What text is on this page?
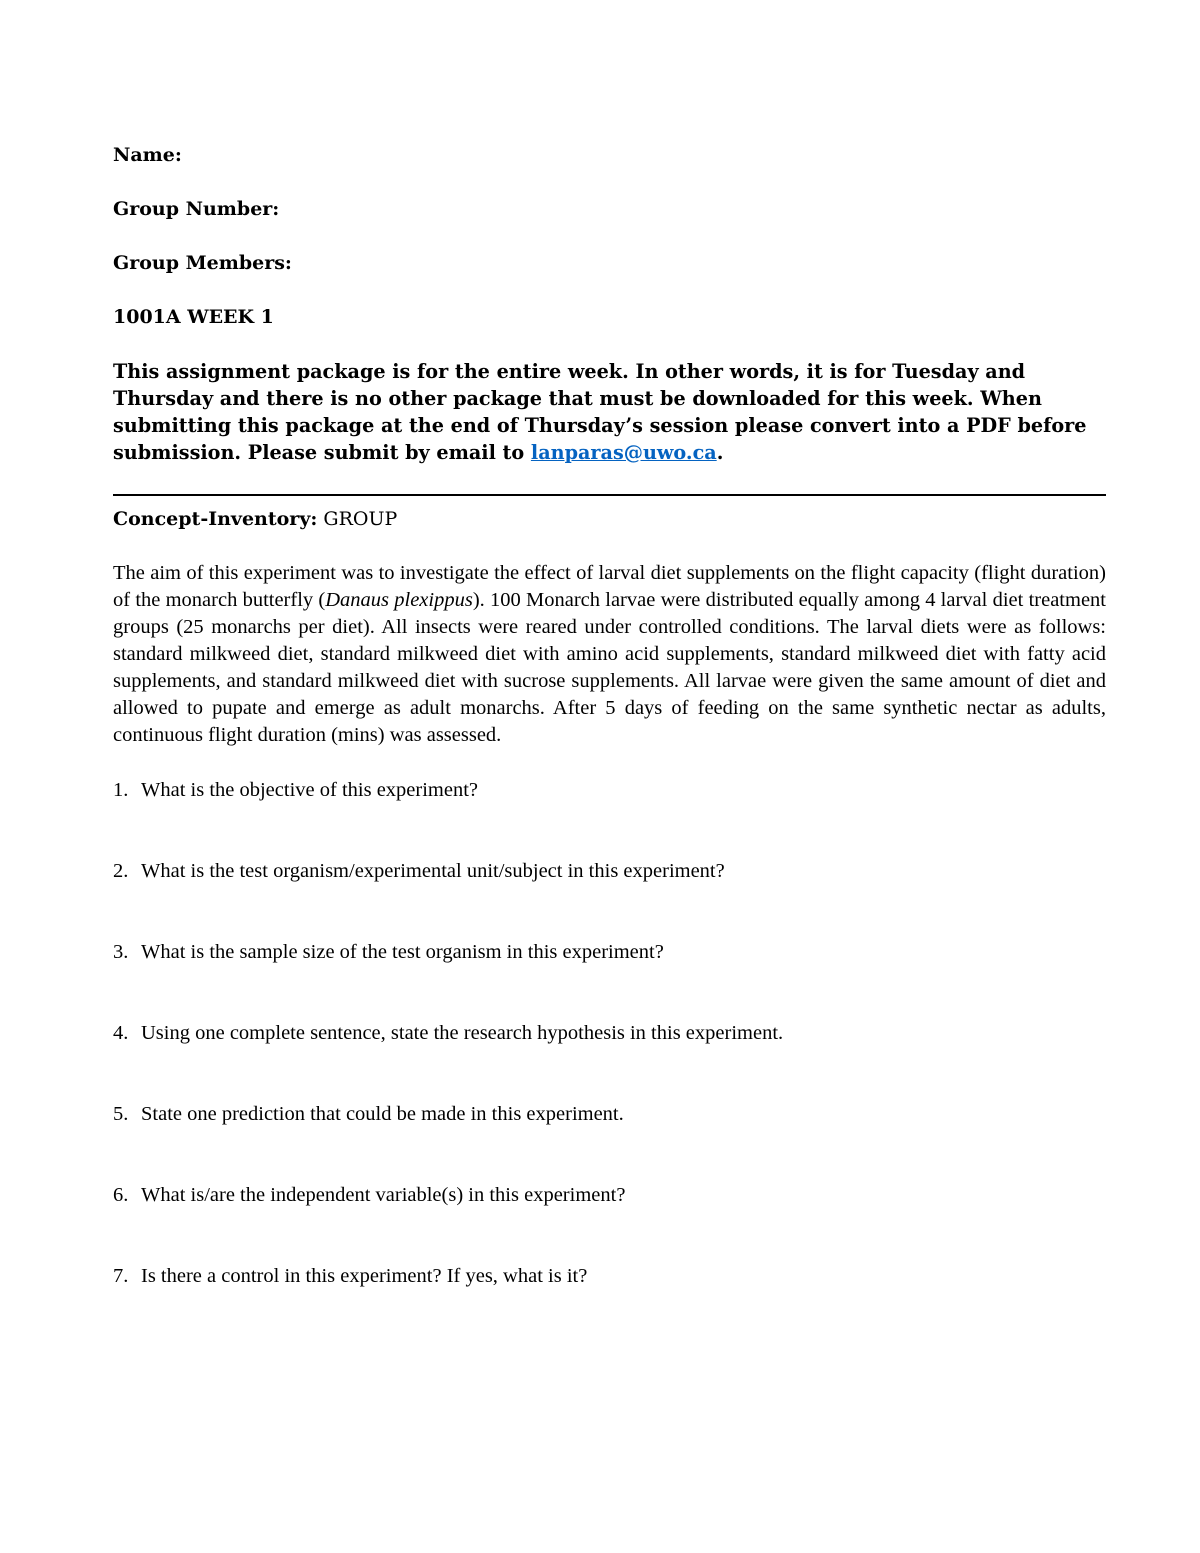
Name:
Group Number:
Group Members:
1001A WEEK 1

This assignment package is for the entire week. In other words, it is for Tuesday and Thursday and there is no other package that must be downloaded for this week. When submitting this package at the end of Thursday’s session please convert into a PDF before submission. Please submit by email to lanparas@uwo.ca.

Concept-Inventory: GROUP

The aim of this experiment was to investigate the effect of larval diet supplements on the flight capacity (flight duration) of the monarch butterfly (Danaus plexippus). 100 Monarch larvae were distributed equally among 4 larval diet treatment groups (25 monarchs per diet). All insects were reared under controlled conditions. The larval diets were as follows: standard milkweed diet, standard milkweed diet with amino acid supplements, standard milkweed diet with fatty acid supplements, and standard milkweed diet with sucrose supplements. All larvae were given the same amount of diet and allowed to pupate and emerge as adult monarchs. After 5 days of feeding on the same synthetic nectar as adults, continuous flight duration (mins) was assessed.

1. What is the objective of this experiment?
2. What is the test organism/experimental unit/subject in this experiment?
3. What is the sample size of the test organism in this experiment?
4. Using one complete sentence, state the research hypothesis in this experiment.
5. State one prediction that could be made in this experiment.
6. What is/are the independent variable(s) in this experiment?
7. Is there a control in this experiment? If yes, what is it?
